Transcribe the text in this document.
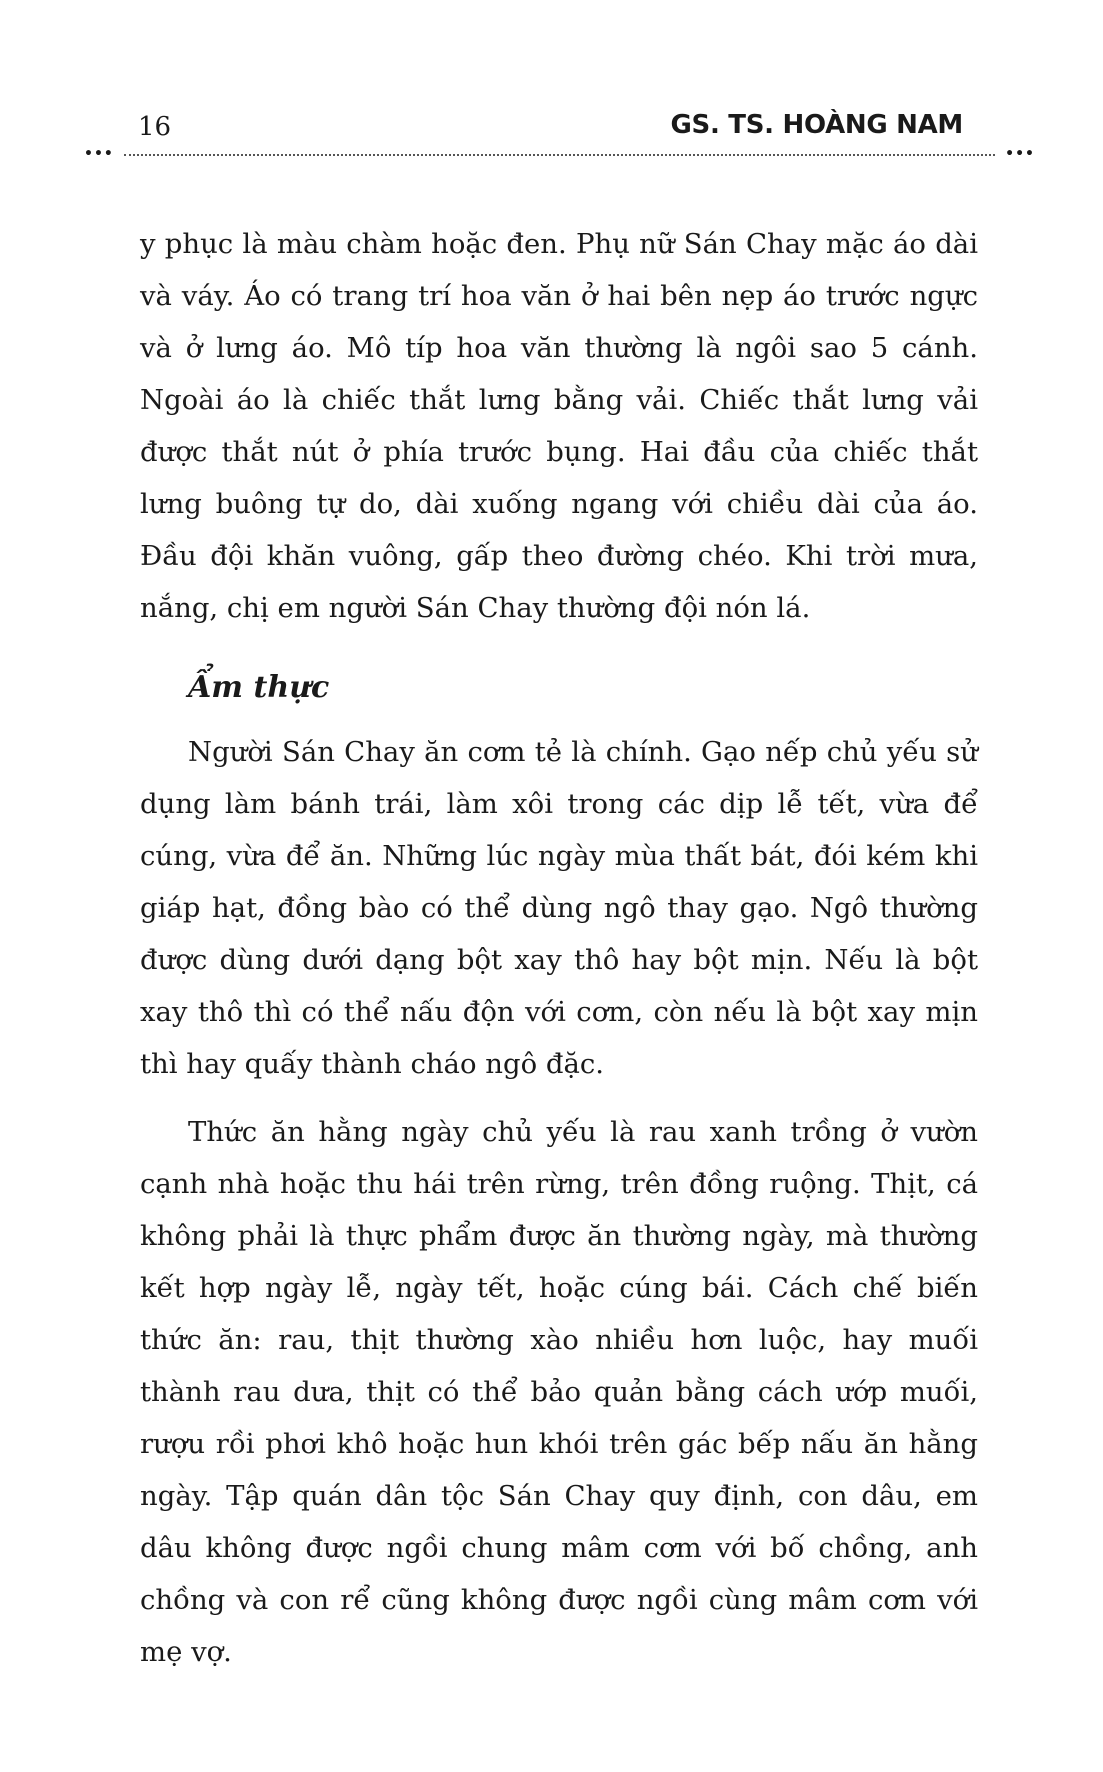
16	GS. TS. HOÀNG NAM
•••	•••

y phục là màu chàm hoặc đen. Phụ nữ Sán Chay mặc áo dài và váy. Áo có trang trí hoa văn ở hai bên nẹp áo trước ngực và ở lưng áo. Mô típ hoa văn thường là ngôi sao 5 cánh. Ngoài áo là chiếc thắt lưng bằng vải. Chiếc thắt lưng vải được thắt nút ở phía trước bụng. Hai đầu của chiếc thắt lưng buông tự do, dài xuống ngang với chiều dài của áo. Đầu đội khăn vuông, gấp theo đường chéo. Khi trời mưa, nắng, chị em người Sán Chay thường đội nón lá.

Ẩm thực

Người Sán Chay ăn cơm tẻ là chính. Gạo nếp chủ yếu sử dụng làm bánh trái, làm xôi trong các dịp lễ tết, vừa để cúng, vừa để ăn. Những lúc ngày mùa thất bát, đói kém khi giáp hạt, đồng bào có thể dùng ngô thay gạo. Ngô thường được dùng dưới dạng bột xay thô hay bột mịn. Nếu là bột xay thô thì có thể nấu độn với cơm, còn nếu là bột xay mịn thì hay quấy thành cháo ngô đặc.

Thức ăn hằng ngày chủ yếu là rau xanh trồng ở vườn cạnh nhà hoặc thu hái trên rừng, trên đồng ruộng. Thịt, cá không phải là thực phẩm được ăn thường ngày, mà thường kết hợp ngày lễ, ngày tết, hoặc cúng bái. Cách chế biến thức ăn: rau, thịt thường xào nhiều hơn luộc, hay muối thành rau dưa, thịt có thể bảo quản bằng cách ướp muối, rượu rồi phơi khô hoặc hun khói trên gác bếp nấu ăn hằng ngày. Tập quán dân tộc Sán Chay quy định, con dâu, em dâu không được ngồi chung mâm cơm với bố chồng, anh chồng và con rể cũng không được ngồi cùng mâm cơm với mẹ vợ.
